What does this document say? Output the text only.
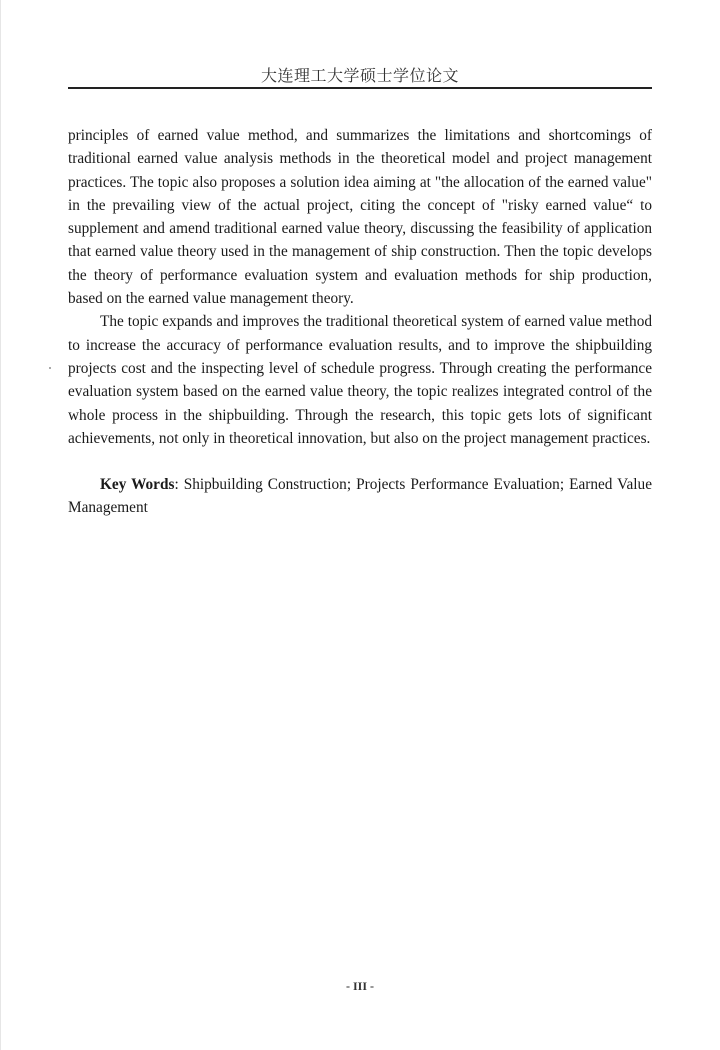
大连理工大学硕士学位论文

principles of earned value method, and summarizes the limitations and shortcomings of traditional earned value analysis methods in the theoretical model and project management practices. The topic also proposes a solution idea aiming at "the allocation of the earned value" in the prevailing view of the actual project, citing the concept of "risky earned value“ to supplement and amend traditional earned value theory, discussing the feasibility of application that earned value theory used in the management of ship construction. Then the topic develops the theory of performance evaluation system and evaluation methods for ship production, based on the earned value management theory.

The topic expands and improves the traditional theoretical system of earned value method to increase the accuracy of performance evaluation results, and to improve the shipbuilding projects cost and the inspecting level of schedule progress. Through creating the performance evaluation system based on the earned value theory, the topic realizes integrated control of the whole process in the shipbuilding. Through the research, this topic gets lots of significant achievements, not only in theoretical innovation, but also on the project management practices.

Key Words: Shipbuilding Construction; Projects Performance Evaluation; Earned Value Management

- III -
